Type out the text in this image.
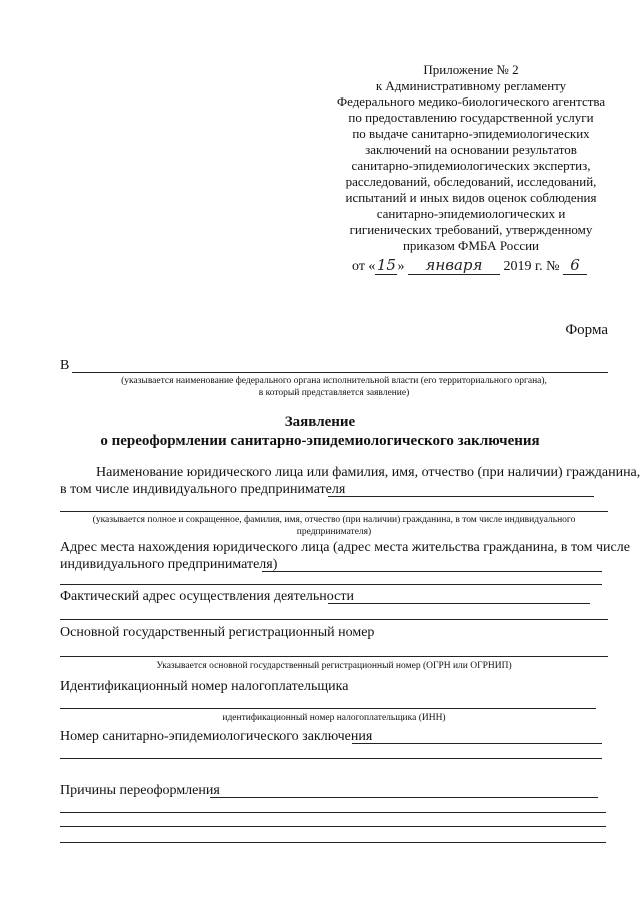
Приложение № 2
к Административному регламенту
Федерального медико-биологического агентства
по предоставлению государственной услуги
по выдаче санитарно-эпидемиологических
заключений на основании результатов
санитарно-эпидемиологических экспертиз,
расследований, обследований, исследований,
испытаний и иных видов оценок соблюдения
санитарно-эпидемиологических и
гигиенических требований, утвержденному
приказом ФМБА России
от «15» января 2019 г. № 6
Форма
В
(указывается наименование федерального органа исполнительной власти (его территориального органа),
в который представляется заявление)
Заявление
о переоформлении санитарно-эпидемиологического заключения
Наименование юридического лица или фамилия, имя, отчество (при наличии) гражданина,
в том числе индивидуального предпринимателя
(указывается полное и сокращенное, фамилия, имя, отчество (при наличии) гражданина, в том числе индивидуального
предпринимателя)
Адрес места нахождения юридического лица (адрес места жительства гражданина, в том числе
индивидуального предпринимателя)
Фактический адрес осуществления деятельности
Основной государственный регистрационный номер
Указывается основной государственный регистрационный номер (ОГРН или ОГРНИП)
Идентификационный номер налогоплательщика
идентификационный номер налогоплательщика (ИНН)
Номер санитарно-эпидемиологического заключения
Причины переоформления
